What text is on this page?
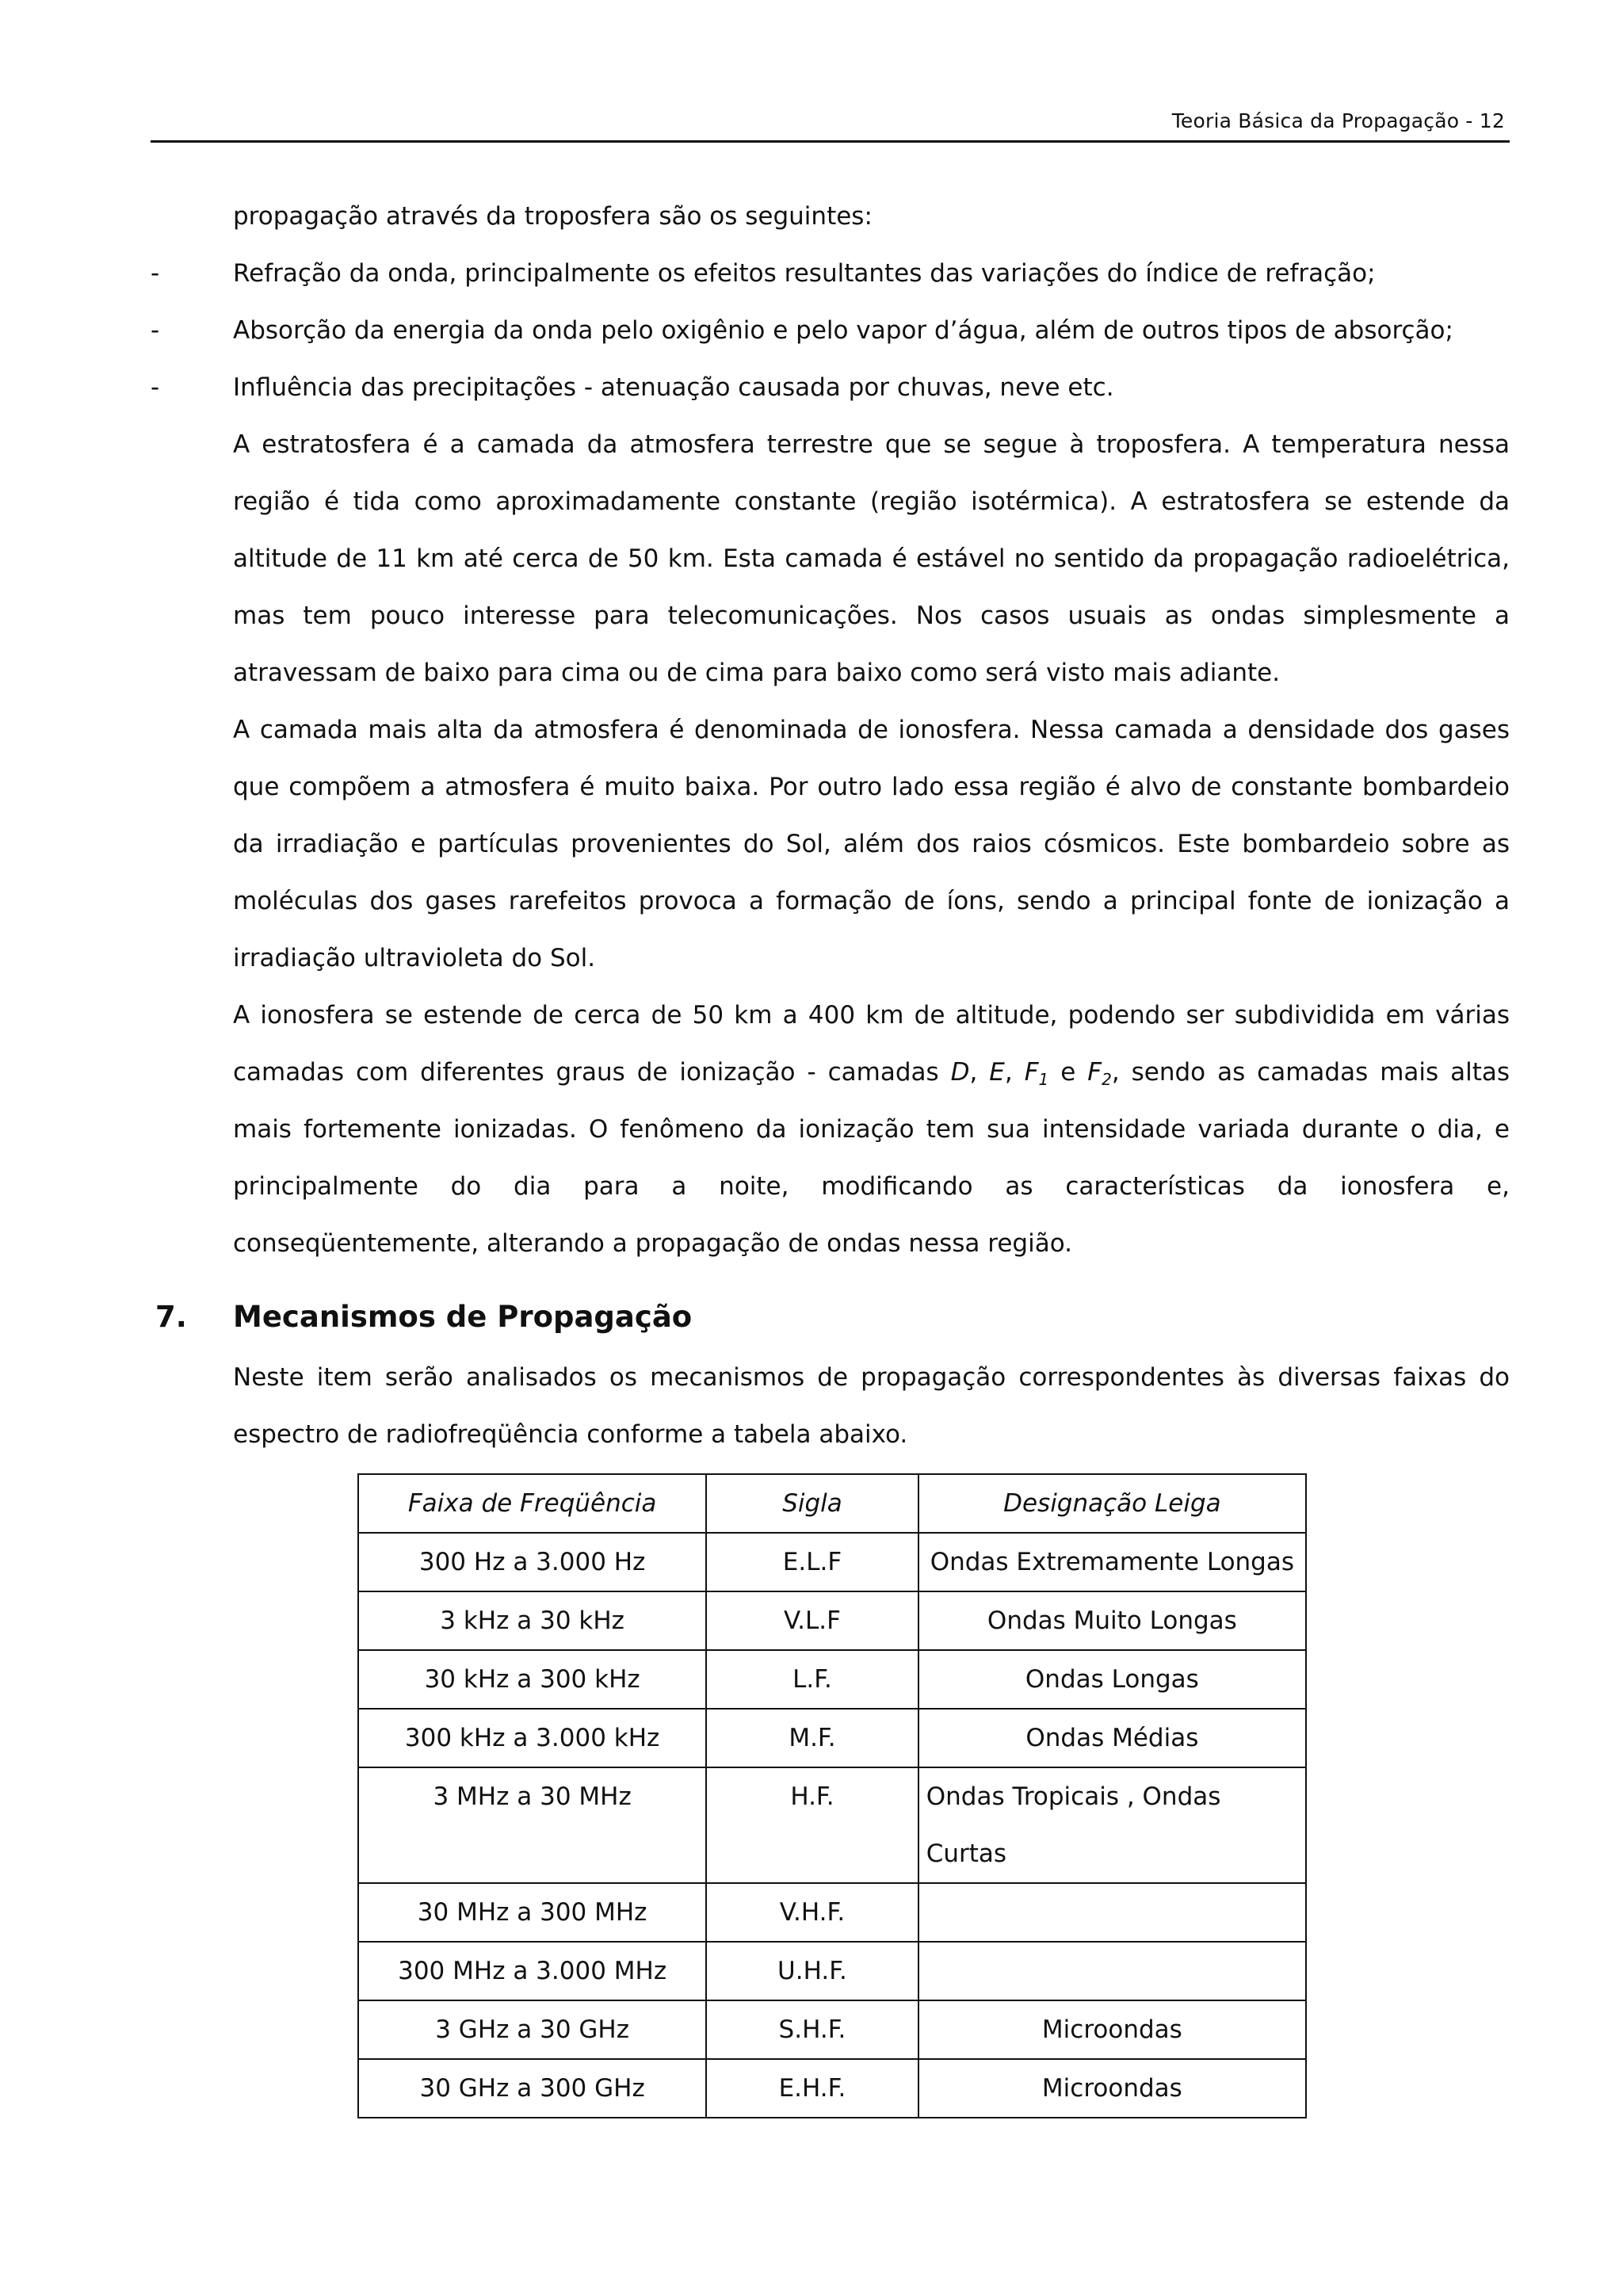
Teoria Básica da Propagação - 12
propagação através da troposfera são os seguintes:
-	Refração da onda, principalmente os efeitos resultantes das variações do índice de refração;
-	Absorção da energia da onda pelo oxigênio e pelo vapor d’água, além de outros tipos de absorção;
-	Influência das precipitações - atenuação causada por chuvas, neve etc.
A estratosfera é a camada da atmosfera terrestre que se segue à troposfera. A temperatura nessa
região é tida como aproximadamente constante (região isotérmica). A estratosfera se estende da
altitude de 11 km até cerca de 50 km. Esta camada é estável no sentido da propagação radioelétrica,
mas tem pouco interesse para telecomunicações. Nos casos usuais as ondas simplesmente a
atravessam de baixo para cima ou de cima para baixo como será visto mais adiante.
A camada mais alta da atmosfera é denominada de ionosfera. Nessa camada a densidade dos gases
que compõem a atmosfera é muito baixa. Por outro lado essa região é alvo de constante bombardeio
da irradiação e partículas provenientes do Sol, além dos raios cósmicos. Este bombardeio sobre as
moléculas dos gases rarefeitos provoca a formação de íons, sendo a principal fonte de ionização a
irradiação ultravioleta do Sol.
A ionosfera se estende de cerca de 50 km a 400 km de altitude, podendo ser subdividida em várias
camadas com diferentes graus de ionização - camadas D, E, $F_1$ e $F_2$, sendo as camadas mais altas
mais fortemente ionizadas. O fenômeno da ionização tem sua intensidade variada durante o dia, e
principalmente do dia para a noite, modificando as características da ionosfera e,
conseqüentemente, alterando a propagação de ondas nessa região.
7. Mecanismos de Propagação
Neste item serão analisados os mecanismos de propagação correspondentes às diversas faixas do
espectro de radiofreqüência conforme a tabela abaixo.
Faixa de Freqüência	Sigla	Designação Leiga
300 Hz a 3.000 Hz	E.L.F	Ondas Extremamente Longas
3 kHz a 30 kHz	V.L.F	Ondas Muito Longas
30 kHz a 300 kHz	L.F.	Ondas Longas
300 kHz a 3.000 kHz	M.F.	Ondas Médias
3 MHz a 30 MHz	H.F.	Ondas Tropicais , Ondas Curtas
30 MHz a 300 MHz	V.H.F.	
300 MHz a 3.000 MHz	U.H.F.	
3 GHz a 30 GHz	S.H.F.	Microondas
30 GHz a 300 GHz	E.H.F.	Microondas
